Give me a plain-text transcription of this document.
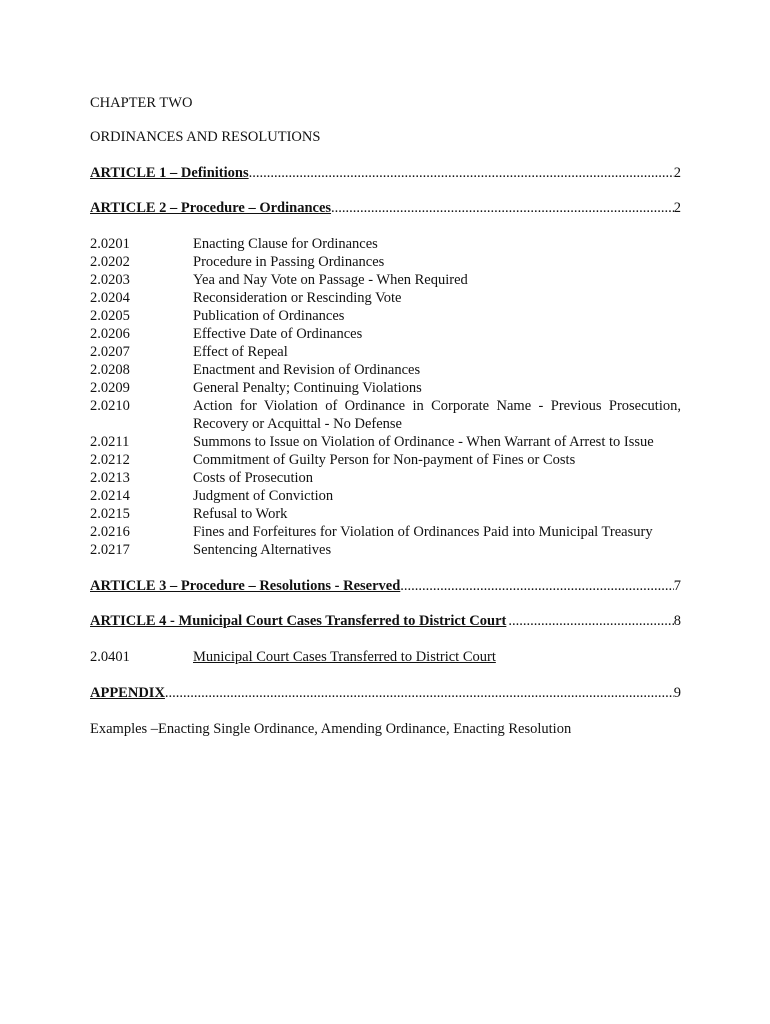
CHAPTER TWO
ORDINANCES AND RESOLUTIONS
ARTICLE 1 – Definitions .....	2
ARTICLE 2 – Procedure – Ordinances .....	2
2.0201	Enacting Clause for Ordinances
2.0202	Procedure in Passing Ordinances
2.0203	Yea and Nay Vote on Passage - When Required
2.0204	Reconsideration or Rescinding Vote
2.0205	Publication of Ordinances
2.0206	Effective Date of Ordinances
2.0207	Effect of Repeal
2.0208	Enactment and Revision of Ordinances
2.0209	General Penalty; Continuing Violations
2.0210	Action for Violation of Ordinance in Corporate Name - Previous Prosecution, Recovery or Acquittal - No Defense
2.0211	Summons to Issue on Violation of Ordinance - When Warrant of Arrest to Issue
2.0212	Commitment of Guilty Person for Non-payment of Fines or Costs
2.0213	Costs of Prosecution
2.0214	Judgment of Conviction
2.0215	Refusal to Work
2.0216	Fines and Forfeitures for Violation of Ordinances Paid into Municipal Treasury
2.0217	Sentencing Alternatives
ARTICLE 3 – Procedure – Resolutions - Reserved .....	7
ARTICLE 4 - Municipal Court Cases Transferred to District Court .....	8
2.0401	Municipal Court Cases Transferred to District Court
APPENDIX .....	9
Examples –Enacting Single Ordinance, Amending Ordinance, Enacting Resolution
